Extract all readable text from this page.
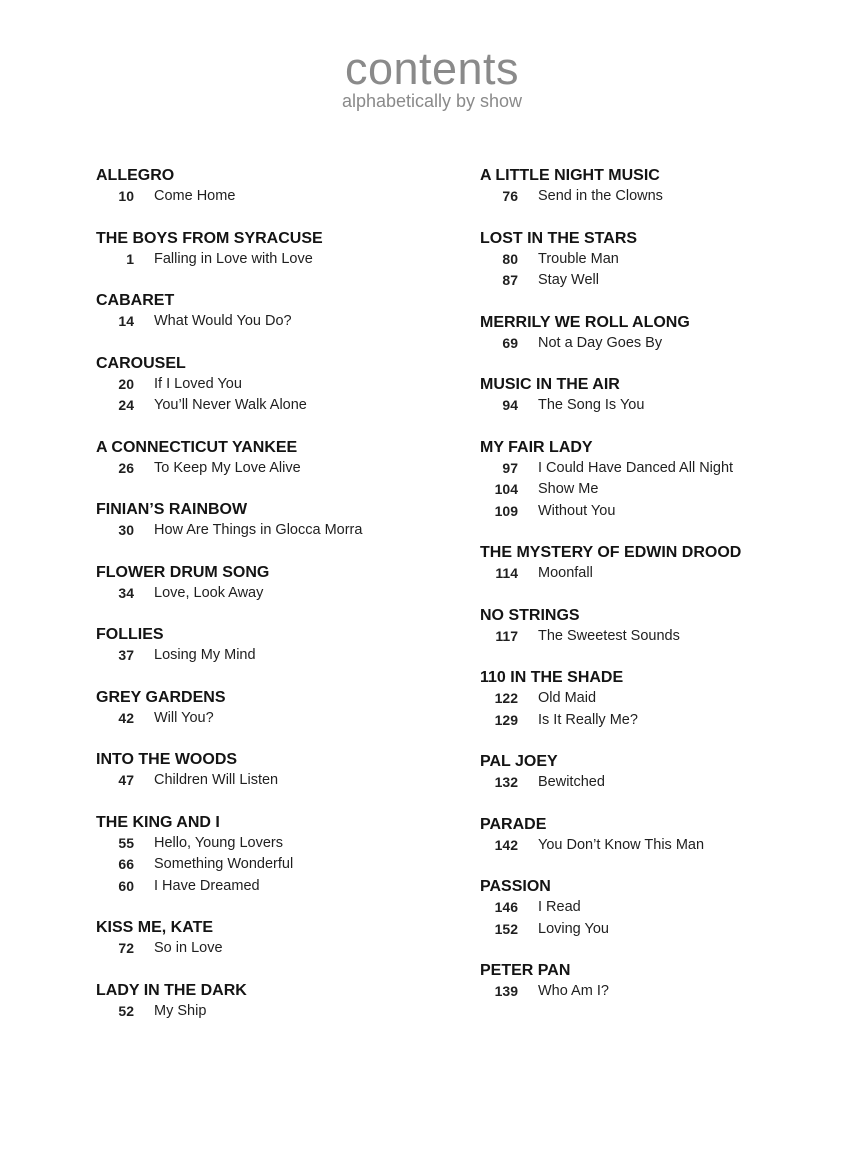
contents
alphabetically by show
ALLEGRO
10 Come Home
THE BOYS FROM SYRACUSE
1 Falling in Love with Love
CABARET
14 What Would You Do?
CAROUSEL
20 If I Loved You
24 You’ll Never Walk Alone
A CONNECTICUT YANKEE
26 To Keep My Love Alive
FINIAN’S RAINBOW
30 How Are Things in Glocca Morra
FLOWER DRUM SONG
34 Love, Look Away
FOLLIES
37 Losing My Mind
GREY GARDENS
42 Will You?
INTO THE WOODS
47 Children Will Listen
THE KING AND I
55 Hello, Young Lovers
66 Something Wonderful
60 I Have Dreamed
KISS ME, KATE
72 So in Love
LADY IN THE DARK
52 My Ship
A LITTLE NIGHT MUSIC
76 Send in the Clowns
LOST IN THE STARS
80 Trouble Man
87 Stay Well
MERRILY WE ROLL ALONG
69 Not a Day Goes By
MUSIC IN THE AIR
94 The Song Is You
MY FAIR LADY
97 I Could Have Danced All Night
104 Show Me
109 Without You
THE MYSTERY OF EDWIN DROOD
114 Moonfall
NO STRINGS
117 The Sweetest Sounds
110 IN THE SHADE
122 Old Maid
129 Is It Really Me?
PAL JOEY
132 Bewitched
PARADE
142 You Don’t Know This Man
PASSION
146 I Read
152 Loving You
PETER PAN
139 Who Am I?
